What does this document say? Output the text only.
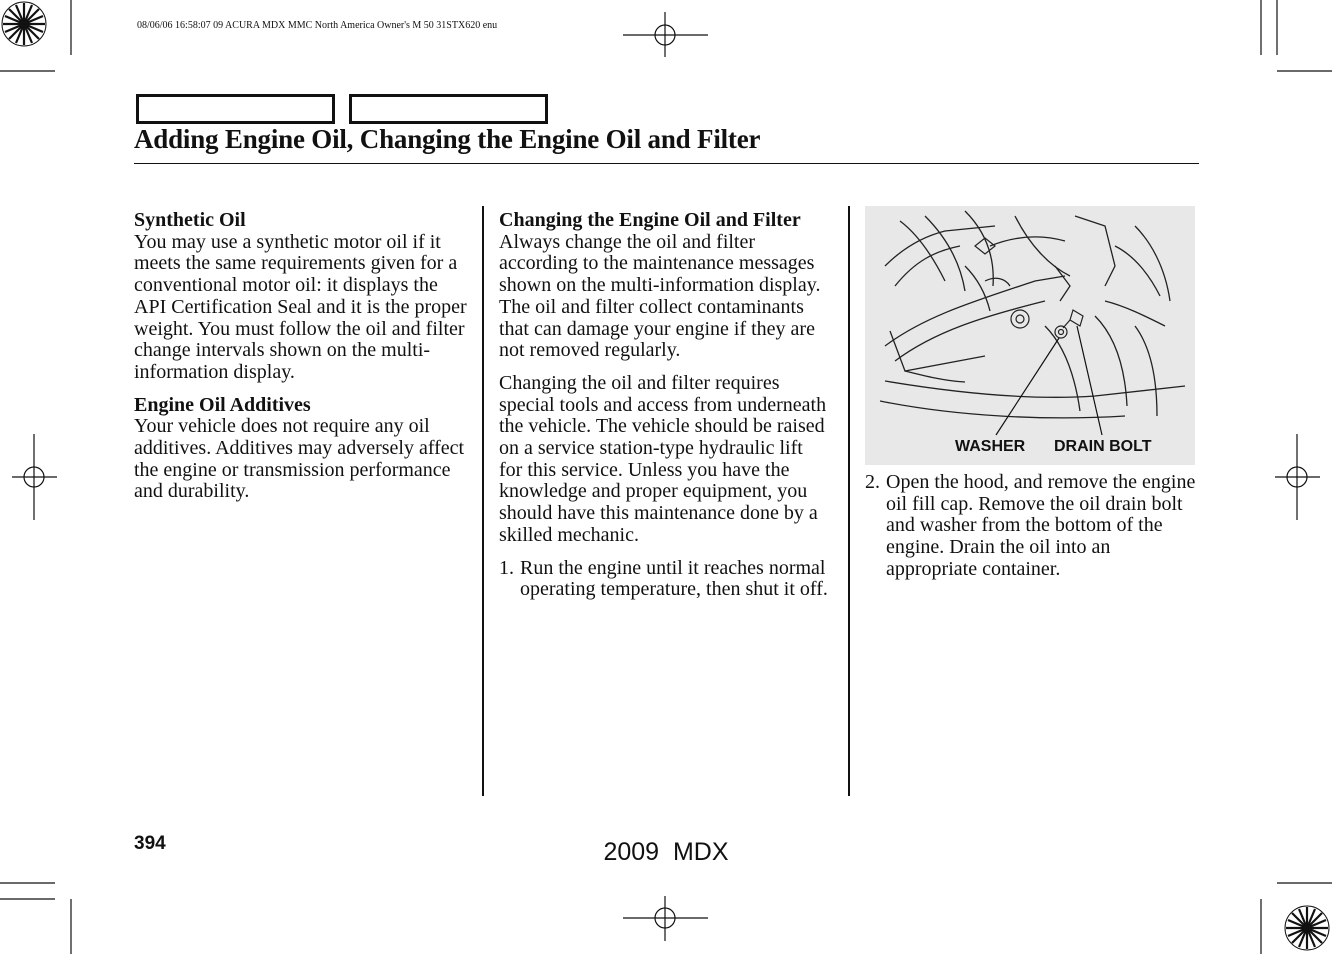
08/06/06 16:58:07 09 ACURA MDX MMC North America Owner's M 50 31STX620 enu
Adding Engine Oil, Changing the Engine Oil and Filter
Synthetic Oil

You may use a synthetic motor oil if it meets the same requirements given for a conventional motor oil: it displays the API Certification Seal and it is the proper weight. You must follow the oil and filter change intervals shown on the multi-information display.

Engine Oil Additives

Your vehicle does not require any oil additives. Additives may adversely affect the engine or transmission performance and durability.

Changing the Engine Oil and Filter

Always change the oil and filter according to the maintenance messages shown on the multi-information display. The oil and filter collect contaminants that can damage your engine if they are not removed regularly.

Changing the oil and filter requires special tools and access from underneath the vehicle. The vehicle should be raised on a service station-type hydraulic lift for this service. Unless you have the knowledge and proper equipment, you should have this maintenance done by a skilled mechanic.

1. Run the engine until it reaches normal operating temperature, then shut it off.
WASHER DRAIN BOLT
2. Open the hood, and remove the engine oil fill cap. Remove the oil drain bolt and washer from the bottom of the engine. Drain the oil into an appropriate container.
394	2009  MDX
